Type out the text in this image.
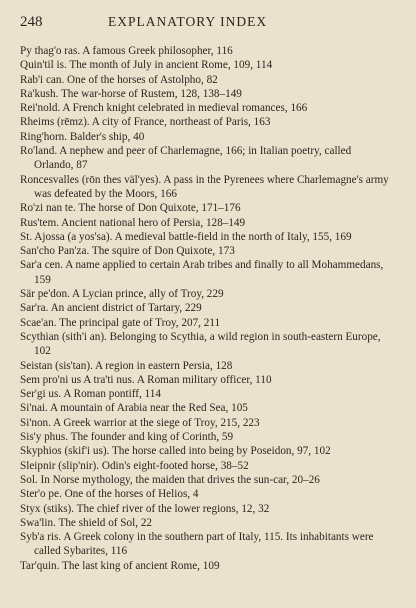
248	EXPLANATORY INDEX
Py thag'o ras. A famous Greek philosopher, 116
Quin'til is. The month of July in ancient Rome, 109, 114
Rab'i can. One of the horses of Astolpho, 82
Ra'kush. The war-horse of Rustem, 128, 138–149
Rei'nold. A French knight celebrated in medieval romances, 166
Rheims (rēmz). A city of France, northeast of Paris, 163
Ring'horn. Balder's ship, 40
Ro'land. A nephew and peer of Charlemagne, 166; in Italian poetry, called Orlando, 87
Roncesvalles (rōn thes väl'yes). A pass in the Pyrenees where Charlemagne's army was defeated by the Moors, 166
Ro'zi nan te. The horse of Don Quixote, 171–176
Rus'tem. Ancient national hero of Persia, 128–149
St. Ajossa (a yos'sa). A medieval battle-field in the north of Italy, 155, 169
San'cho Pan'za. The squire of Don Quixote, 173
Sar'a cen. A name applied to certain Arab tribes and finally to all Mohammedans, 159
Sär pe'don. A Lycian prince, ally of Troy, 229
Sar'ra. An ancient district of Tartary, 229
Scae'an. The principal gate of Troy, 207, 211
Scythian (sith'i an). Belonging to Scythia, a wild region in south-eastern Europe, 102
Seistan (sis'tan). A region in eastern Persia, 128
Sem pro'ni us A tra'ti nus. A Roman military officer, 110
Ser'gi us. A Roman pontiff, 114
Si'nai. A mountain of Arabia near the Red Sea, 105
Si'non. A Greek warrior at the siege of Troy, 215, 223
Sis'y phus. The founder and king of Corinth, 59
Skyphios (skif'i us). The horse called into being by Poseidon, 97, 102
Sleipnir (slip'nir). Odin's eight-footed horse, 38–52
Sol. In Norse mythology, the maiden that drives the sun-car, 20–26
Ster'o pe. One of the horses of Helios, 4
Styx (stiks). The chief river of the lower regions, 12, 32
Swa'lin. The shield of Sol, 22
Syb'a ris. A Greek colony in the southern part of Italy, 115. Its inhabitants were called Sybarites, 116
Tar'quin. The last king of ancient Rome, 109
